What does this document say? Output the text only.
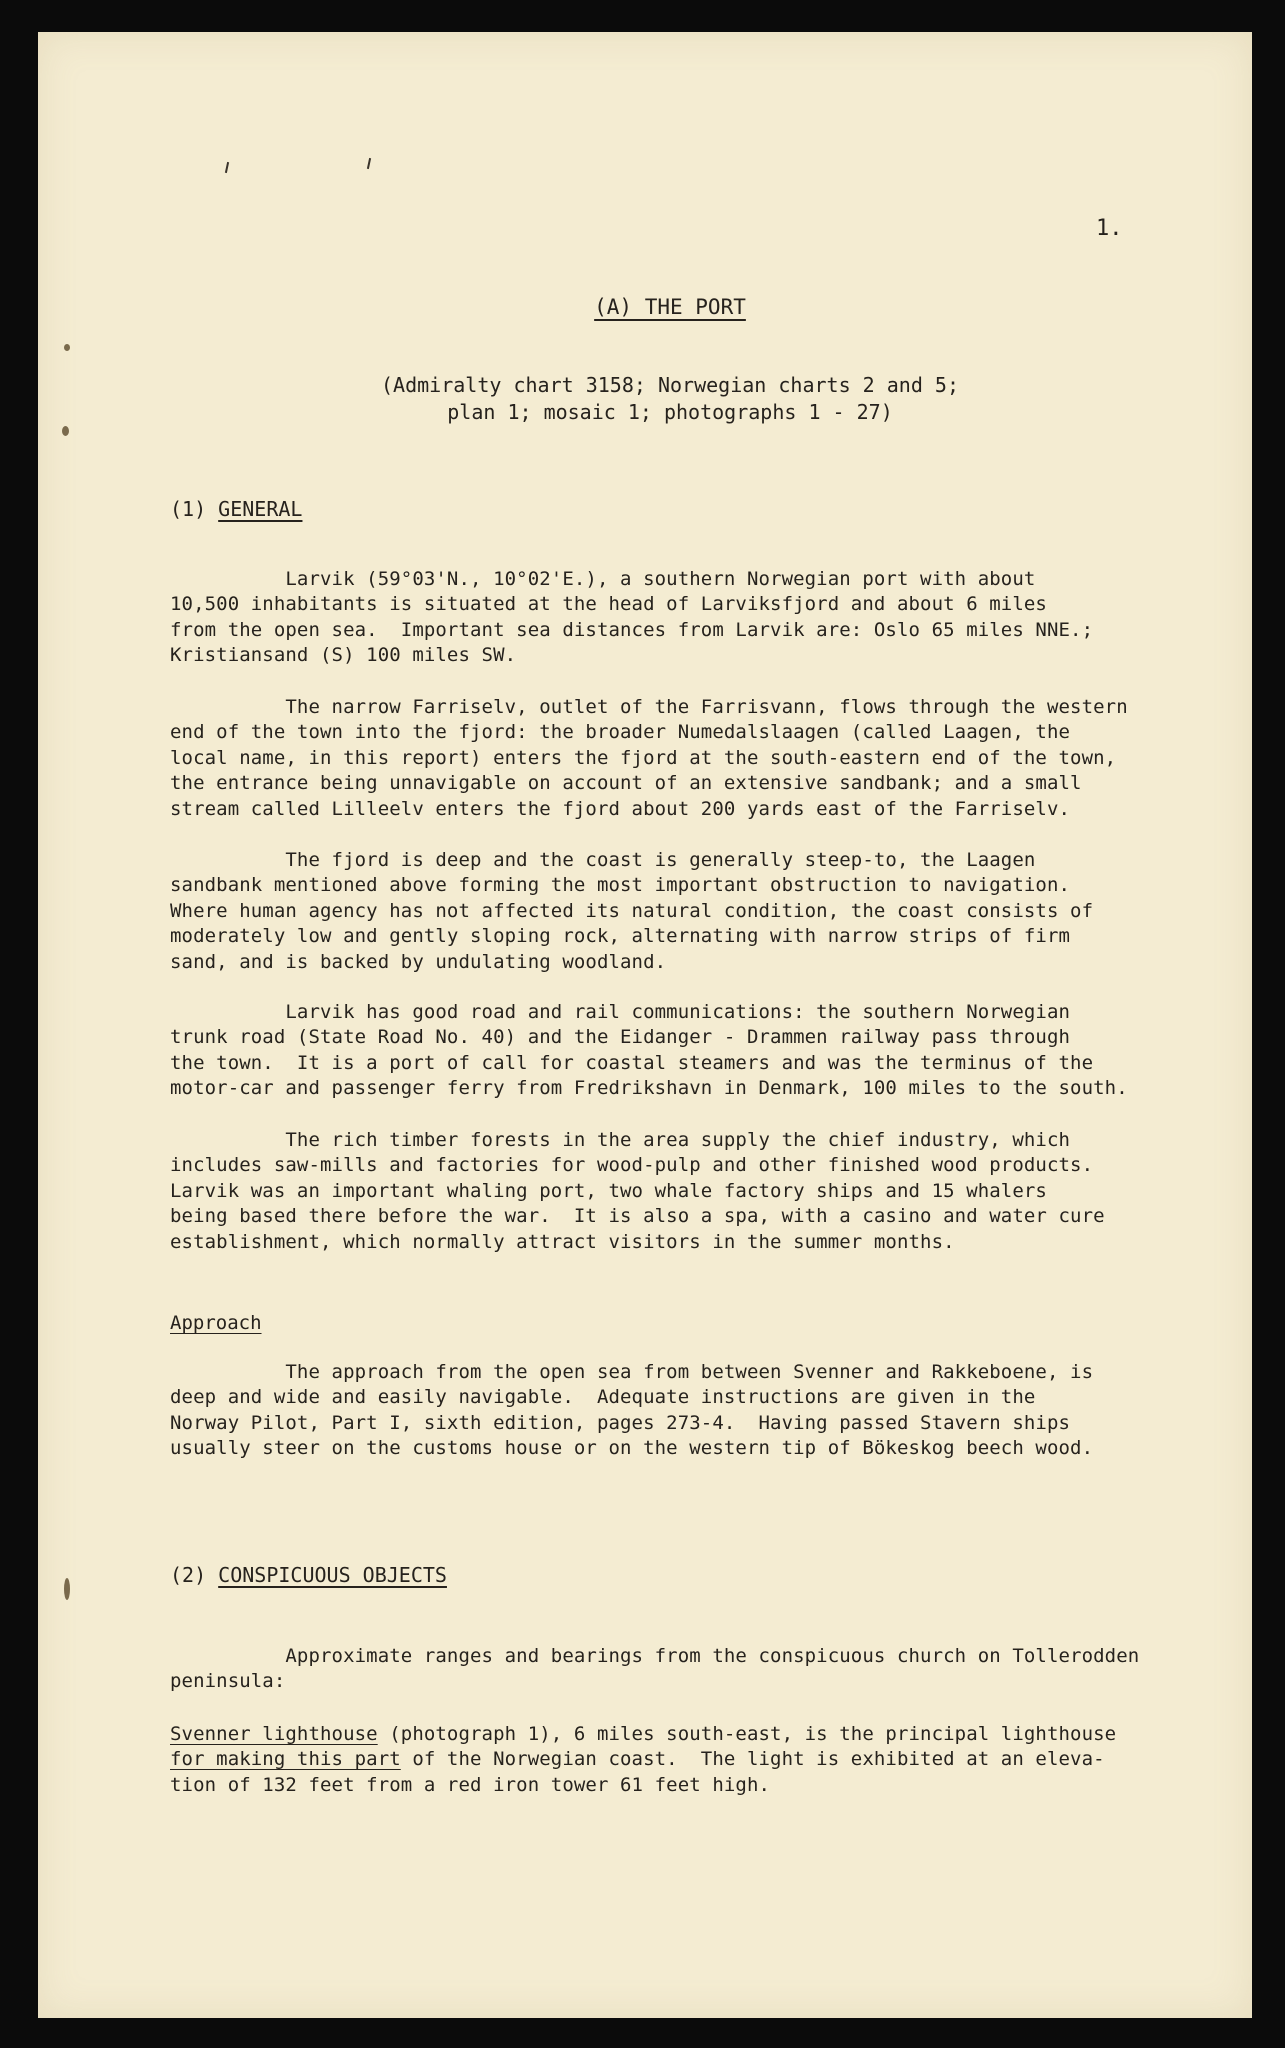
1.
(A) THE PORT
(Admiralty chart 3158; Norwegian charts 2 and 5;
plan 1; mosaic 1; photographs 1 - 27)
(1) GENERAL

Larvik (59°03'N., 10°02'E.), a southern Norwegian port with about
10,500 inhabitants is situated at the head of Larviksfjord and about 6 miles
from the open sea.  Important sea distances from Larvik are: Oslo 65 miles NNE.;
Kristiansand (S) 100 miles SW.

The narrow Farriselv, outlet of the Farrisvann, flows through the western
end of the town into the fjord: the broader Numedalslaagen (called Laagen, the
local name, in this report) enters the fjord at the south-eastern end of the town,
the entrance being unnavigable on account of an extensive sandbank; and a small
stream called Lilleelv enters the fjord about 200 yards east of the Farriselv.

The fjord is deep and the coast is generally steep-to, the Laagen
sandbank mentioned above forming the most important obstruction to navigation.
Where human agency has not affected its natural condition, the coast consists of
moderately low and gently sloping rock, alternating with narrow strips of firm
sand, and is backed by undulating woodland.

Larvik has good road and rail communications: the southern Norwegian
trunk road (State Road No. 40) and the Eidanger - Drammen railway pass through
the town.  It is a port of call for coastal steamers and was the terminus of the
motor-car and passenger ferry from Fredrikshavn in Denmark, 100 miles to the south.

The rich timber forests in the area supply the chief industry, which
includes saw-mills and factories for wood-pulp and other finished wood products.
Larvik was an important whaling port, two whale factory ships and 15 whalers
being based there before the war.  It is also a spa, with a casino and water cure
establishment, which normally attract visitors in the summer months.

Approach

The approach from the open sea from between Svenner and Rakkeboene, is
deep and wide and easily navigable.  Adequate instructions are given in the
Norway Pilot, Part I, sixth edition, pages 273-4.  Having passed Stavern ships
usually steer on the customs house or on the western tip of Bökeskog beech wood.

(2) CONSPICUOUS OBJECTS

Approximate ranges and bearings from the conspicuous church on Tollerodden
peninsula:

Svenner lighthouse (photograph 1), 6 miles south-east, is the principal lighthouse
for making this part of the Norwegian coast.  The light is exhibited at an eleva-
tion of 132 feet from a red iron tower 61 feet high.
